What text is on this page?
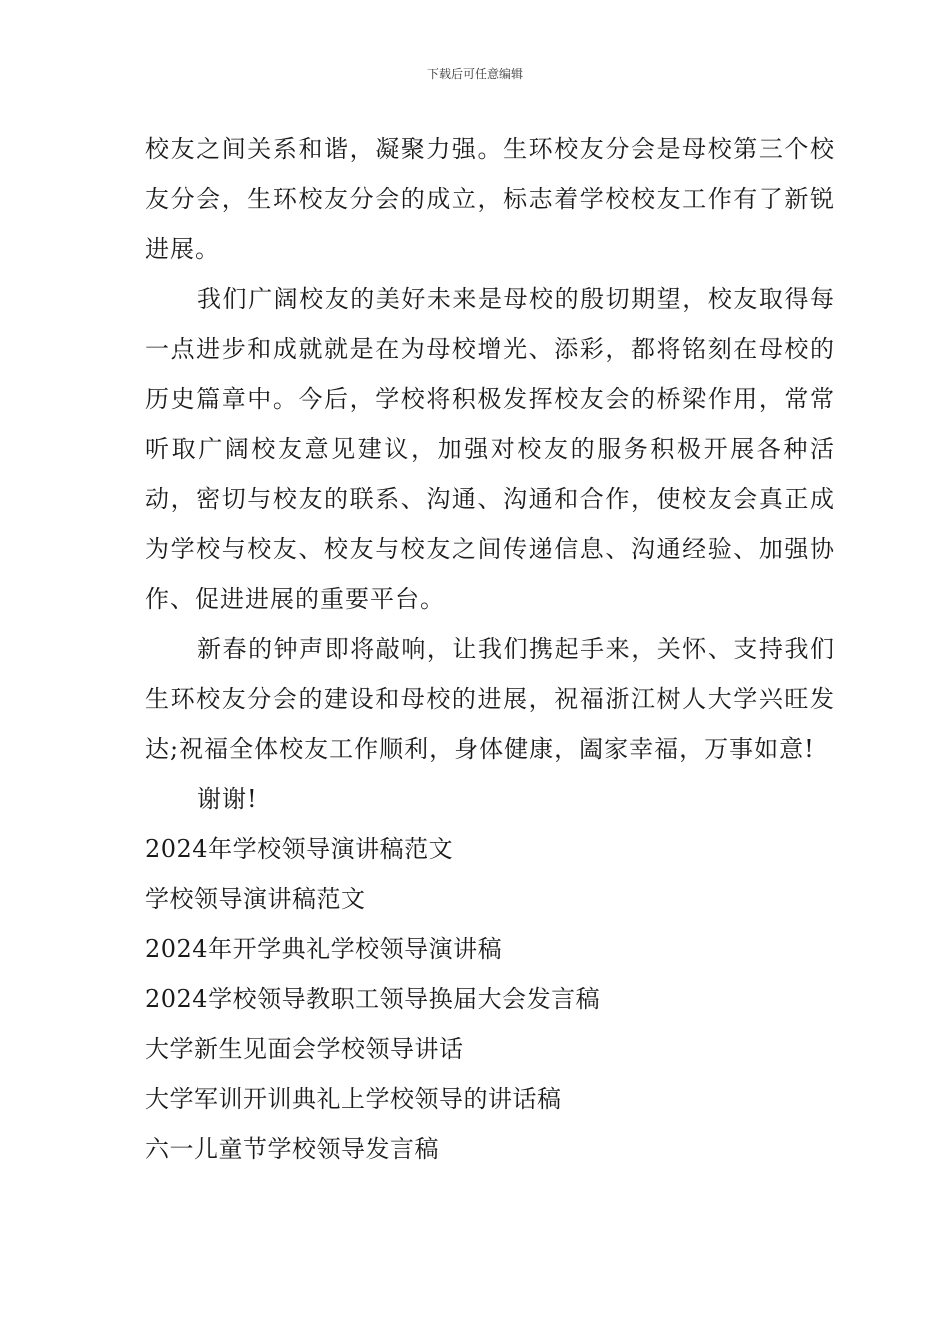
下载后可任意编辑

校友之间关系和谐，凝聚力强。生环校友分会是母校第三个校友分会，生环校友分会的成立，标志着学校校友工作有了新锐进展。

我们广阔校友的美好未来是母校的殷切期望，校友取得每一点进步和成就就是在为母校增光、添彩，都将铭刻在母校的历史篇章中。今后，学校将积极发挥校友会的桥梁作用，常常听取广阔校友意见建议，加强对校友的服务积极开展各种活动，密切与校友的联系、沟通、沟通和合作，使校友会真正成为学校与校友、校友与校友之间传递信息、沟通经验、加强协作、促进进展的重要平台。

新春的钟声即将敲响，让我们携起手来，关怀、支持我们生环校友分会的建设和母校的进展，祝福浙江树人大学兴旺发达;祝福全体校友工作顺利，身体健康，阖家幸福，万事如意!

谢谢!

2024年学校领导演讲稿范文

学校领导演讲稿范文

2024年开学典礼学校领导演讲稿

2024学校领导教职工领导换届大会发言稿

大学新生见面会学校领导讲话

大学军训开训典礼上学校领导的讲话稿

六一儿童节学校领导发言稿
